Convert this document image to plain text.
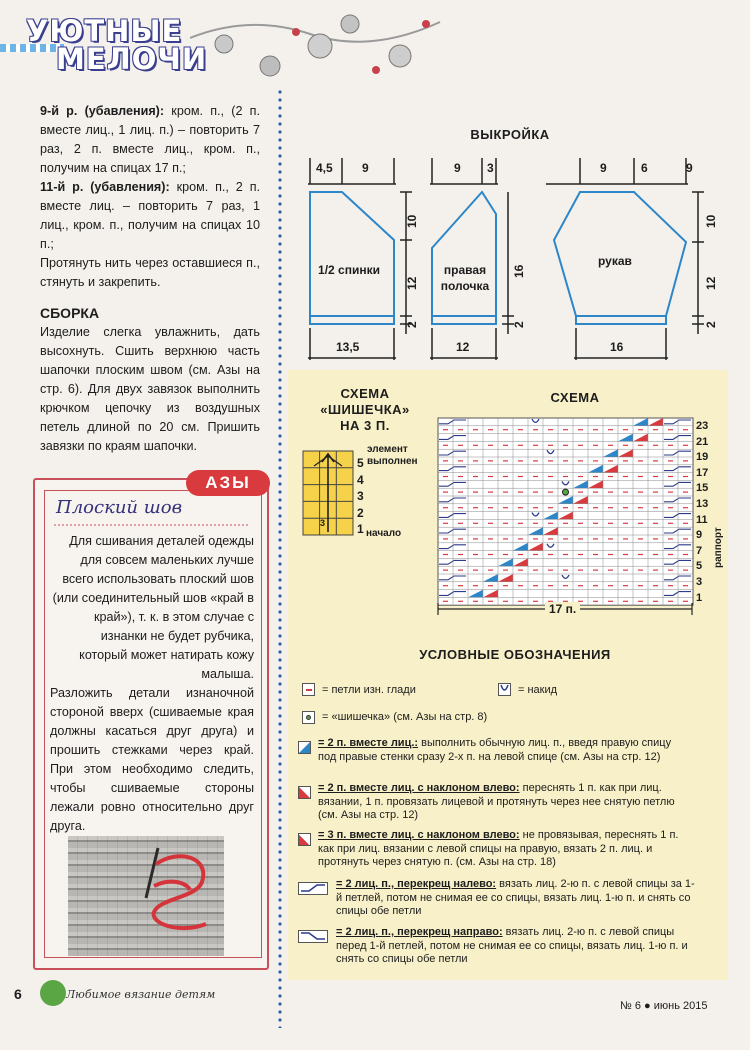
УЮТНЫЕ
МЕЛОЧИ

9-й р. (убавления): кром. п., (2 п. вместе лиц., 1 лиц. п.) – повторить 7 раз, 2 п. вместе лиц., кром. п., получим на спицах 17 п.;

11-й р. (убавления): кром. п., 2 п. вместе лиц. – повторить 7 раз, 1 лиц., кром. п., получим на спицах 10 п.;

Протянуть нить через оставшиеся п., стянуть и закрепить.

СБОРКА

Изделие слегка увлажнить, дать высохнуть. Сшить верхнюю часть шапочки плоским швом (см. Азы на стр. 6). Для двух завязок выполнить крючком цепочку из воздушных петель длиной по 20 см. Пришить завязки по краям шапочки.

АЗЫ
Плоский шов

Для сшивания деталей одежды для совсем маленьких лучше всего использовать плоский шов (или соединительный шов «край в край»), т. к. в этом случае с изнанки не будет рубчика, который может натирать кожу малыша.

Разложить детали изнаночной стороной вверх (сшиваемые края должны касаться друг друга) и прошить стежками через край. При этом необходимо следить, чтобы сшиваемые стороны лежали ровно относительно друг друга.

ВЫКРОЙКА
4,5 9	9 3	9	6	9
10
12
2
16
2
10
12
2
1/2 спинки	правая полочка
рукав
13,5	12	16
СХЕМА
«ШИШЕЧКА»
НА 3 П.
3
5
4
3
2
1
элемент выполнен
начало
СХЕМА
23
21
19
17
15
13
11
9
7
5
3
1
раппорт
17 п.
УСЛОВНЫЕ ОБОЗНАЧЕНИЯ
= петли изн. глади	= накид
= «шишечка» (см. Азы на стр. 8)
= 2 п. вместе лиц.: выполнить обычную лиц. п., введя правую спицу под правые стенки сразу 2-х п. на левой спице (см. Азы на стр. 12)
= 2 п. вместе лиц. с наклоном влево: переснять 1 п. как при лиц. вязании, 1 п. провязать лицевой и протянуть через нее снятую петлю (см. Азы на стр. 12)
= 3 п. вместе лиц. с наклоном влево: не провязывая, переснять 1 п. как при лиц. вязании с левой спицы на правую, вязать 2 п. лиц. и протянуть через снятую п. (см. Азы на стр. 18)
= 2 лиц. п., перекрещ налево: вязать лиц. 2-ю п. с левой спицы за 1-й петлей, потом не снимая ее со спицы, вязать лиц. 1-ю п. и снять со спицы обе петли
= 2 лиц. п., перекрещ направо: вязать лиц. 2-ю п. с левой спицы перед 1-й петлей, потом не снимая ее со спицы, вязать лиц. 1-ю п. и снять со спицы обе петли
6	Любимое вязание детям
№ 6 ● июнь 2015
